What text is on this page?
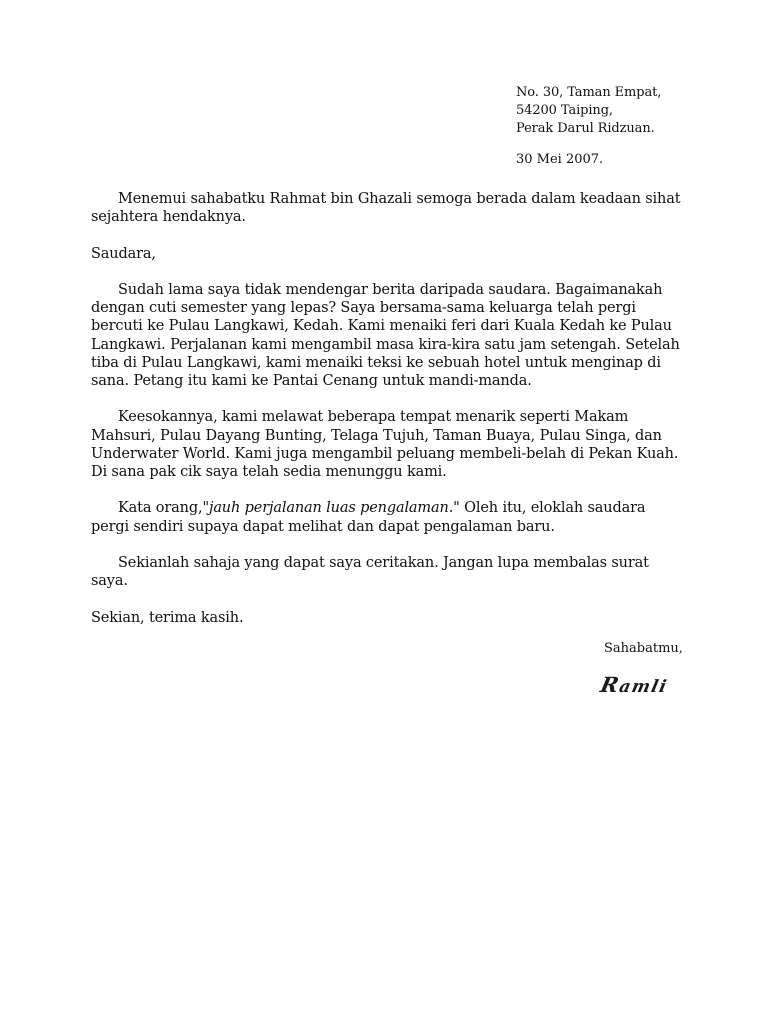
No. 30, Taman Empat,
54200 Taiping,
Perak Darul Ridzuan.
30 Mei 2007.

Menemui sahabatku Rahmat bin Ghazali semoga berada dalam keadaan sihat sejahtera hendaknya.

Saudara,

Sudah lama saya tidak mendengar berita daripada saudara. Bagaimanakah dengan cuti semester yang lepas? Saya bersama-sama keluarga telah pergi bercuti ke Pulau Langkawi, Kedah. Kami menaiki feri dari Kuala Kedah ke Pulau Langkawi. Perjalanan kami mengambil masa kira-kira satu jam setengah. Setelah tiba di Pulau Langkawi, kami menaiki teksi ke sebuah hotel untuk menginap di sana. Petang itu kami ke Pantai Cenang untuk mandi-manda.

Keesokannya, kami melawat beberapa tempat menarik seperti Makam Mahsuri, Pulau Dayang Bunting, Telaga Tujuh, Taman Buaya, Pulau Singa, dan Underwater World. Kami juga mengambil peluang membeli-belah di Pekan Kuah. Di sana pak cik saya telah sedia menunggu kami.

Kata orang,"jauh perjalanan luas pengalaman." Oleh itu, eloklah saudara pergi sendiri supaya dapat melihat dan dapat pengalaman baru.

Sekianlah sahaja yang dapat saya ceritakan. Jangan lupa membalas surat saya.

Sekian, terima kasih.

Sahabatmu,
Ramli
